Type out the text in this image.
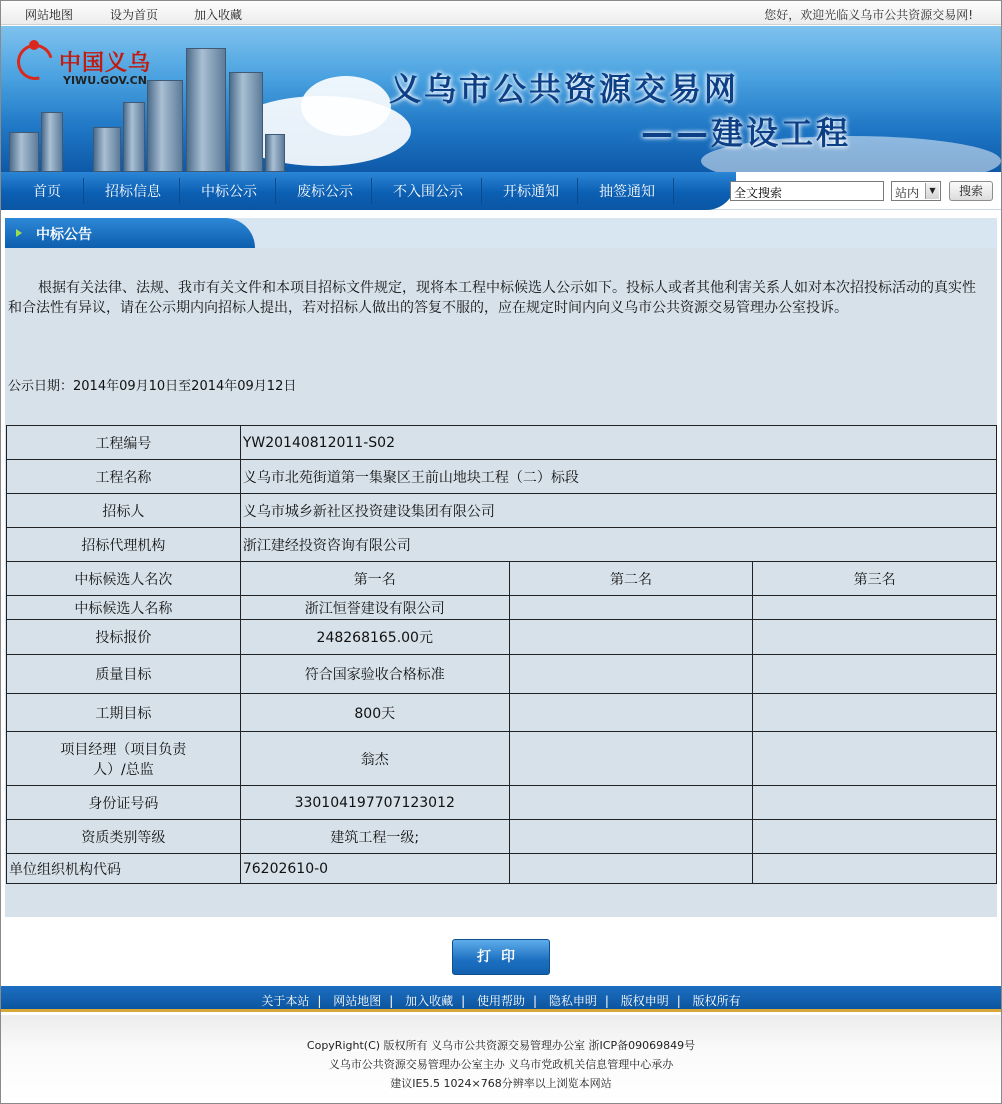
网站地图	设为首页	加入收藏	您好，欢迎光临义乌市公共资源交易网!
中国义乌
YIWU.GOV.CN	义乌市公共资源交易网
——建设工程
首页	招标信息	中标公示	废标公示	不入围公示	开标通知	抽签通知	全文搜索	站内	▼	搜索
中标公告
根据有关法律、法规、我市有关文件和本项目招标文件规定，现将本工程中标候选人公示如下。投标人或者其他利害关系人如对本次招投标活动的真实性和合法性有异议，请在公示期内向招标人提出，若对招标人做出的答复不服的，应在规定时间内向义乌市公共资源交易管理办公室投诉。
公示日期：2014年09月10日至2014年09月12日
工程编号	YW20140812011-S02		
工程名称	义乌市北苑街道第一集聚区王前山地块工程（二）标段		
招标人	义乌市城乡新社区投资建设集团有限公司		
招标代理机构	浙江建经投资咨询有限公司		
中标候选人名次	第一名	第二名	第三名
中标候选人名称	浙江恒誉建设有限公司		
投标报价	248268165.00元		
质量目标	符合国家验收合格标准		
工期目标	800天		
项目经理（项目负责人）/总监	翁杰		
身份证号码	330104197707123012		
资质类别等级	建筑工程一级;		
单位组织机构代码	76202610-0		
打印
关于本站 | 网站地图 | 加入收藏 | 使用帮助 | 隐私申明 | 版权申明 | 版权所有
CopyRight(C) 版权所有 义乌市公共资源交易管理办公室 浙ICP备09069849号
义乌市公共资源交易管理办公室主办 义乌市党政机关信息管理中心承办
建议IE5.5 1024×768分辨率以上浏览本网站
